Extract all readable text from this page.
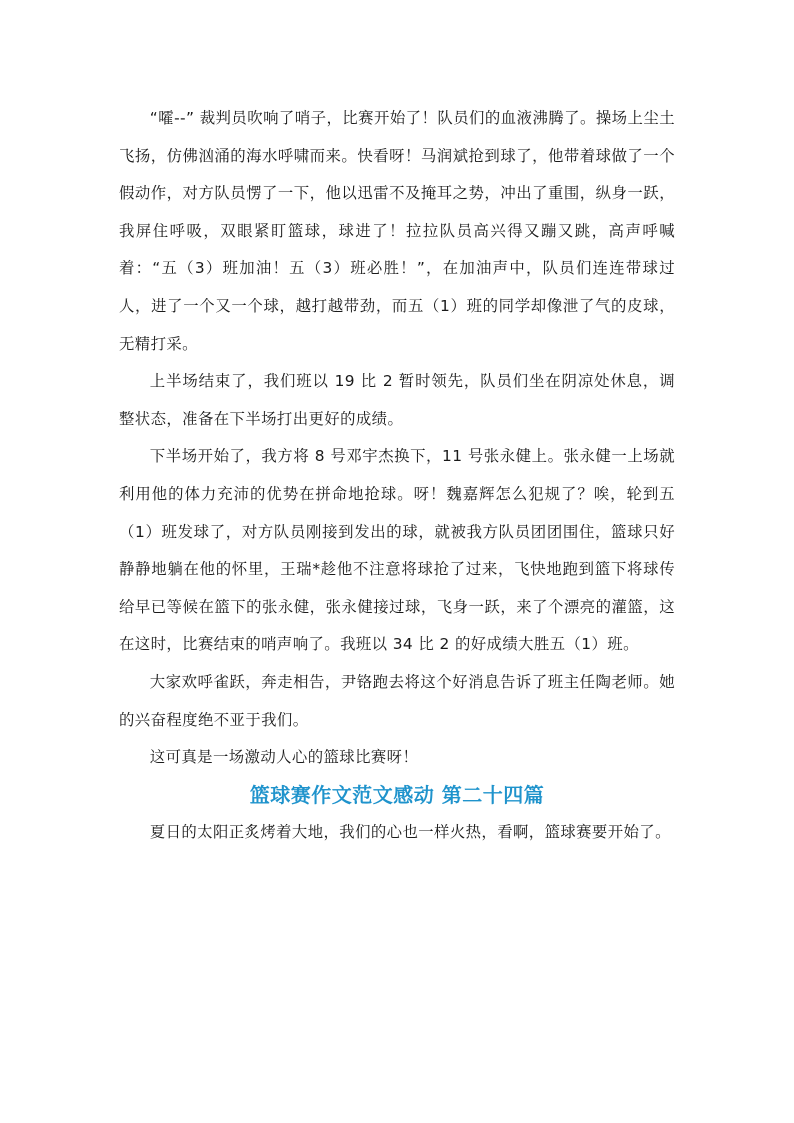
“嚯--” 裁判员吹响了哨子，比赛开始了！队员们的血液沸腾了。操场上尘土飞扬，仿佛汹涌的海水呼啸而来。快看呀！马润斌抢到球了，他带着球做了一个假动作，对方队员愣了一下，他以迅雷不及掩耳之势，冲出了重围，纵身一跃，我屏住呼吸，双眼紧盯篮球，球进了！拉拉队员高兴得又蹦又跳，高声呼喊着：“五（3）班加油！五（3）班必胜！”，在加油声中，队员们连连带球过人，进了一个又一个球，越打越带劲，而五（1）班的同学却像泄了气的皮球，无精打采。

上半场结束了，我们班以 19 比 2 暂时领先，队员们坐在阴凉处休息，调整状态，准备在下半场打出更好的成绩。

下半场开始了，我方将 8 号邓宇杰换下，11 号张永健上。张永健一上场就利用他的体力充沛的优势在拼命地抢球。呀！魏嘉辉怎么犯规了？唉，轮到五（1）班发球了，对方队员刚接到发出的球，就被我方队员团团围住，篮球只好静静地躺在他的怀里，王瑞*趁他不注意将球抢了过来，飞快地跑到篮下将球传给早已等候在篮下的张永健，张永健接过球，飞身一跃，来了个漂亮的灌篮，这在这时，比赛结束的哨声响了。我班以 34 比 2 的好成绩大胜五（1）班。

大家欢呼雀跃，奔走相告，尹铬跑去将这个好消息告诉了班主任陶老师。她的兴奋程度绝不亚于我们。

这可真是一场激动人心的篮球比赛呀！

篮球赛作文范文感动 第二十四篇

夏日的太阳正炙烤着大地，我们的心也一样火热，看啊，篮球赛要开始了。
